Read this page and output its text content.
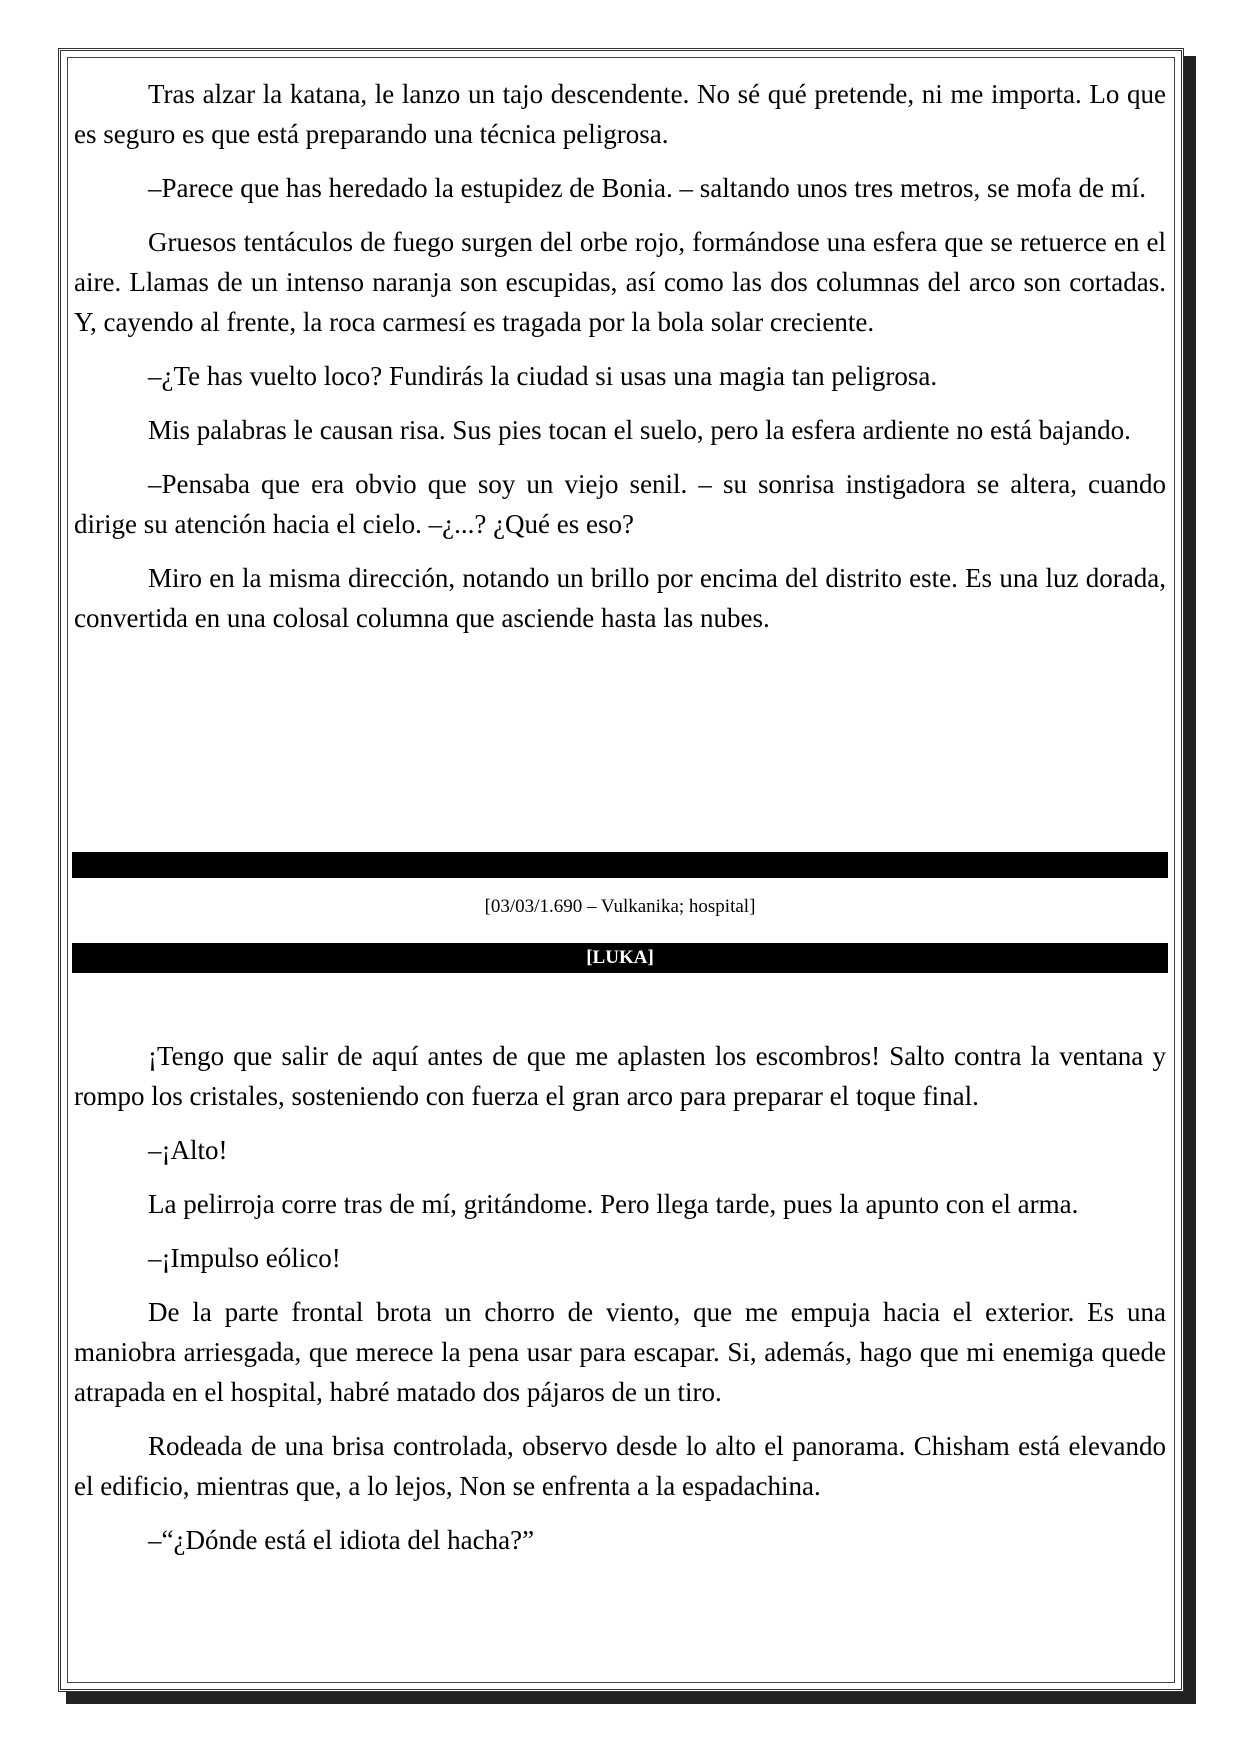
Tras alzar la katana, le lanzo un tajo descendente. No sé qué pretende, ni me importa. Lo que es seguro es que está preparando una técnica peligrosa.

–Parece que has heredado la estupidez de Bonia. – saltando unos tres metros, se mofa de mí.

Gruesos tentáculos de fuego surgen del orbe rojo, formándose una esfera que se retuerce en el aire. Llamas de un intenso naranja son escupidas, así como las dos columnas del arco son cortadas. Y, cayendo al frente, la roca carmesí es tragada por la bola solar creciente.

–¿Te has vuelto loco? Fundirás la ciudad si usas una magia tan peligrosa.

Mis palabras le causan risa. Sus pies tocan el suelo, pero la esfera ardiente no está bajando.

–Pensaba que era obvio que soy un viejo senil. – su sonrisa instigadora se altera, cuando dirige su atención hacia el cielo. –¿...? ¿Qué es eso?

Miro en la misma dirección, notando un brillo por encima del distrito este. Es una luz dorada, convertida en una colosal columna que asciende hasta las nubes.

[03/03/1.690 – Vulkanika; hospital]
[LUKA]

¡Tengo que salir de aquí antes de que me aplasten los escombros! Salto contra la ventana y rompo los cristales, sosteniendo con fuerza el gran arco para preparar el toque final.

–¡Alto!

La pelirroja corre tras de mí, gritándome. Pero llega tarde, pues la apunto con el arma.

–¡Impulso eólico!

De la parte frontal brota un chorro de viento, que me empuja hacia el exterior. Es una maniobra arriesgada, que merece la pena usar para escapar. Si, además, hago que mi enemiga quede atrapada en el hospital, habré matado dos pájaros de un tiro.

Rodeada de una brisa controlada, observo desde lo alto el panorama. Chisham está elevando el edificio, mientras que, a lo lejos, Non se enfrenta a la espadachina.

–“¿Dónde está el idiota del hacha?”
